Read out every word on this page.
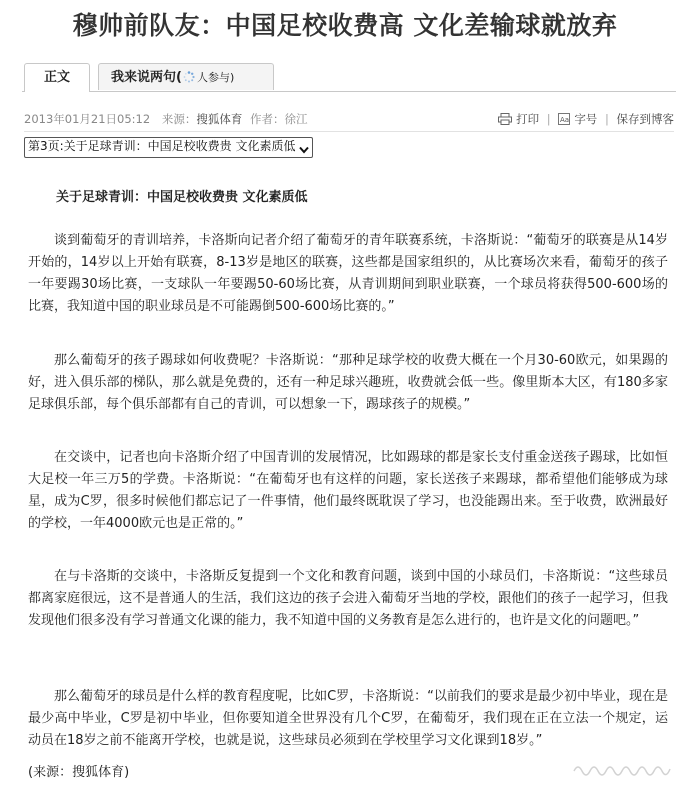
穆帅前队友：中国足校收费高 文化差输球就放弃
正文	我来说两句( 人参与)
2013年01月21日05:12 来源：搜狐体育 作者：徐江	打印 | Aa 字号 | 保存到博客
第3页:关于足球青训：中国足校收费贵 文化素质低
关于足球青训：中国足校收费贵 文化素质低
谈到葡萄牙的青训培养，卡洛斯向记者介绍了葡萄牙的青年联赛系统，卡洛斯说：“葡萄牙的联赛是从14岁开始的，14岁以上开始有联赛，8-13岁是地区的联赛，这些都是国家组织的，从比赛场次来看，葡萄牙的孩子一年要踢30场比赛，一支球队一年要踢50-60场比赛，从青训期间到职业联赛，一个球员将获得500-600场的比赛，我知道中国的职业球员是不可能踢倒500-600场比赛的。”
那么葡萄牙的孩子踢球如何收费呢？卡洛斯说：“那种足球学校的收费大概在一个月30-60欧元，如果踢的好，进入俱乐部的梯队，那么就是免费的，还有一种足球兴趣班，收费就会低一些。像里斯本大区，有180多家足球俱乐部，每个俱乐部都有自己的青训，可以想象一下，踢球孩子的规模。”
在交谈中，记者也向卡洛斯介绍了中国青训的发展情况，比如踢球的都是家长支付重金送孩子踢球，比如恒大足校一年三万5的学费。卡洛斯说：“在葡萄牙也有这样的问题，家长送孩子来踢球，都希望他们能够成为球星，成为C罗，很多时候他们都忘记了一件事情，他们最终既耽误了学习，也没能踢出来。至于收费，欧洲最好的学校，一年4000欧元也是正常的。”
在与卡洛斯的交谈中，卡洛斯反复提到一个文化和教育问题，谈到中国的小球员们，卡洛斯说：“这些球员都离家庭很远，这不是普通人的生活，我们这边的孩子会进入葡萄牙当地的学校，跟他们的孩子一起学习，但我发现他们很多没有学习普通文化课的能力，我不知道中国的义务教育是怎么进行的，也许是文化的问题吧。”
那么葡萄牙的球员是什么样的教育程度呢，比如C罗，卡洛斯说：“以前我们的要求是最少初中毕业，现在是最少高中毕业，C罗是初中毕业，但你要知道全世界没有几个C罗，在葡萄牙，我们现在正在立法一个规定，运动员在18岁之前不能离开学校，也就是说，这些球员必须到在学校里学习文化课到18岁。”
(来源：搜狐体育)
